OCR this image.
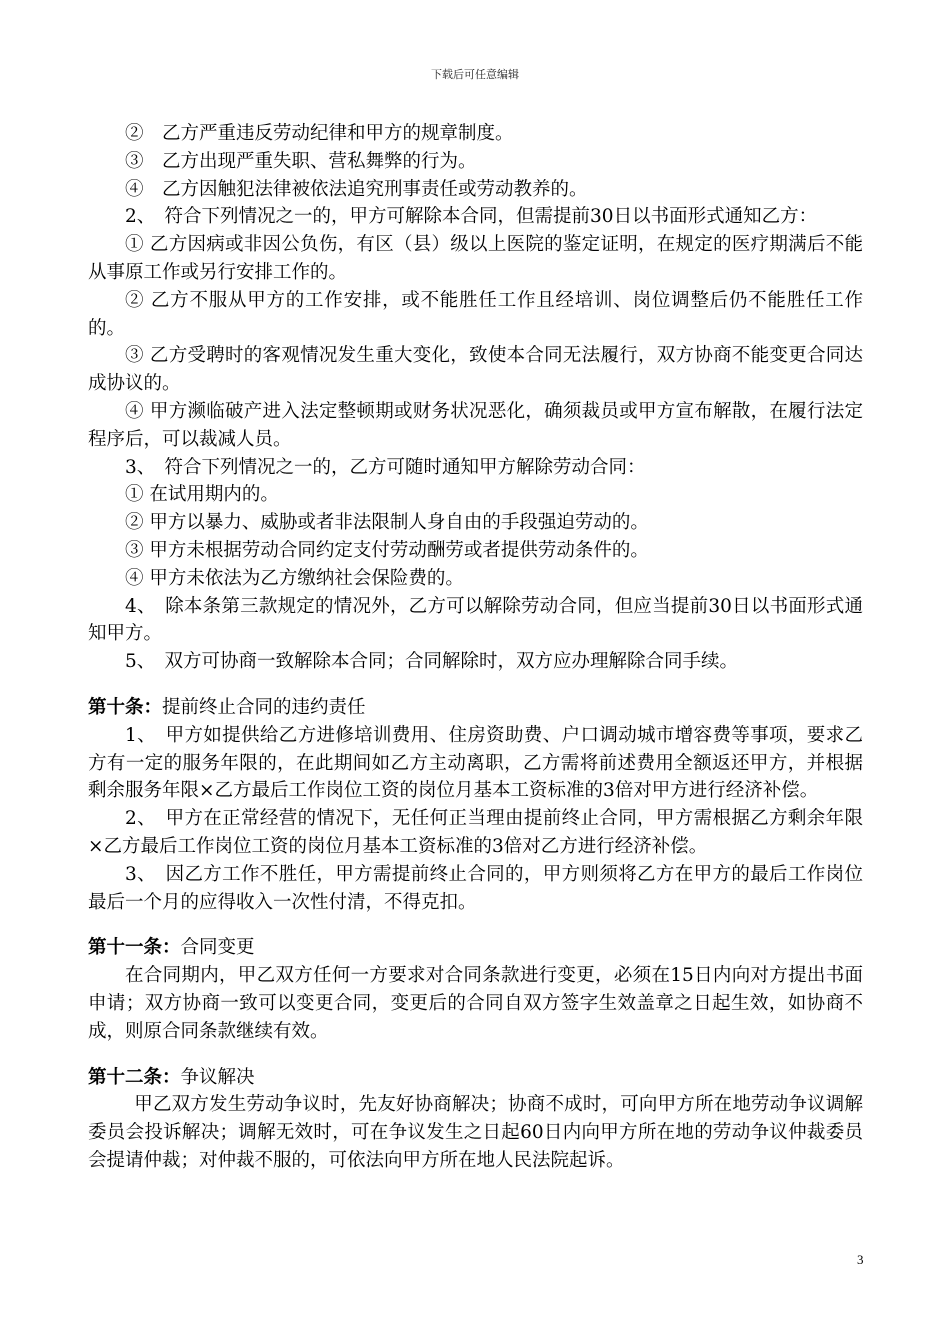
下载后可任意编辑

②　乙方严重违反劳动纪律和甲方的规章制度。

③　乙方出现严重失职、营私舞弊的行为。

④　乙方因触犯法律被依法追究刑事责任或劳动教养的。

2、　符合下列情况之一的，甲方可解除本合同，但需提前30日以书面形式通知乙方：

① 乙方因病或非因公负伤，有区（县）级以上医院的鉴定证明，在规定的医疗期满后不能从事原工作或另行安排工作的。

② 乙方不服从甲方的工作安排，或不能胜任工作且经培训、岗位调整后仍不能胜任工作的。

③ 乙方受聘时的客观情况发生重大变化，致使本合同无法履行，双方协商不能变更合同达成协议的。

④ 甲方濒临破产进入法定整顿期或财务状况恶化，确须裁员或甲方宣布解散，在履行法定程序后，可以裁减人员。

3、　符合下列情况之一的，乙方可随时通知甲方解除劳动合同：

① 在试用期内的。

② 甲方以暴力、威胁或者非法限制人身自由的手段强迫劳动的。

③ 甲方未根据劳动合同约定支付劳动酬劳或者提供劳动条件的。

④ 甲方未依法为乙方缴纳社会保险费的。

4、　除本条第三款规定的情况外，乙方可以解除劳动合同，但应当提前30日以书面形式通知甲方。

5、　双方可协商一致解除本合同；合同解除时，双方应办理解除合同手续。

第十条：提前终止合同的违约责任

1、　甲方如提供给乙方进修培训费用、住房资助费、户口调动城市增容费等事项，要求乙方有一定的服务年限的，在此期间如乙方主动离职，乙方需将前述费用全额返还甲方，并根据剩余服务年限×乙方最后工作岗位工资的岗位月基本工资标准的3倍对甲方进行经济补偿。

2、　甲方在正常经营的情况下，无任何正当理由提前终止合同，甲方需根据乙方剩余年限×乙方最后工作岗位工资的岗位月基本工资标准的3倍对乙方进行经济补偿。

3、　因乙方工作不胜任，甲方需提前终止合同的，甲方则须将乙方在甲方的最后工作岗位最后一个月的应得收入一次性付清，不得克扣。

第十一条：合同变更

在合同期内，甲乙双方任何一方要求对合同条款进行变更，必须在15日内向对方提出书面申请；双方协商一致可以变更合同，变更后的合同自双方签字生效盖章之日起生效，如协商不成，则原合同条款继续有效。

第十二条：争议解决

甲乙双方发生劳动争议时，先友好协商解决；协商不成时，可向甲方所在地劳动争议调解委员会投诉解决；调解无效时，可在争议发生之日起60日内向甲方所在地的劳动争议仲裁委员会提请仲裁；对仲裁不服的，可依法向甲方所在地人民法院起诉。

3
